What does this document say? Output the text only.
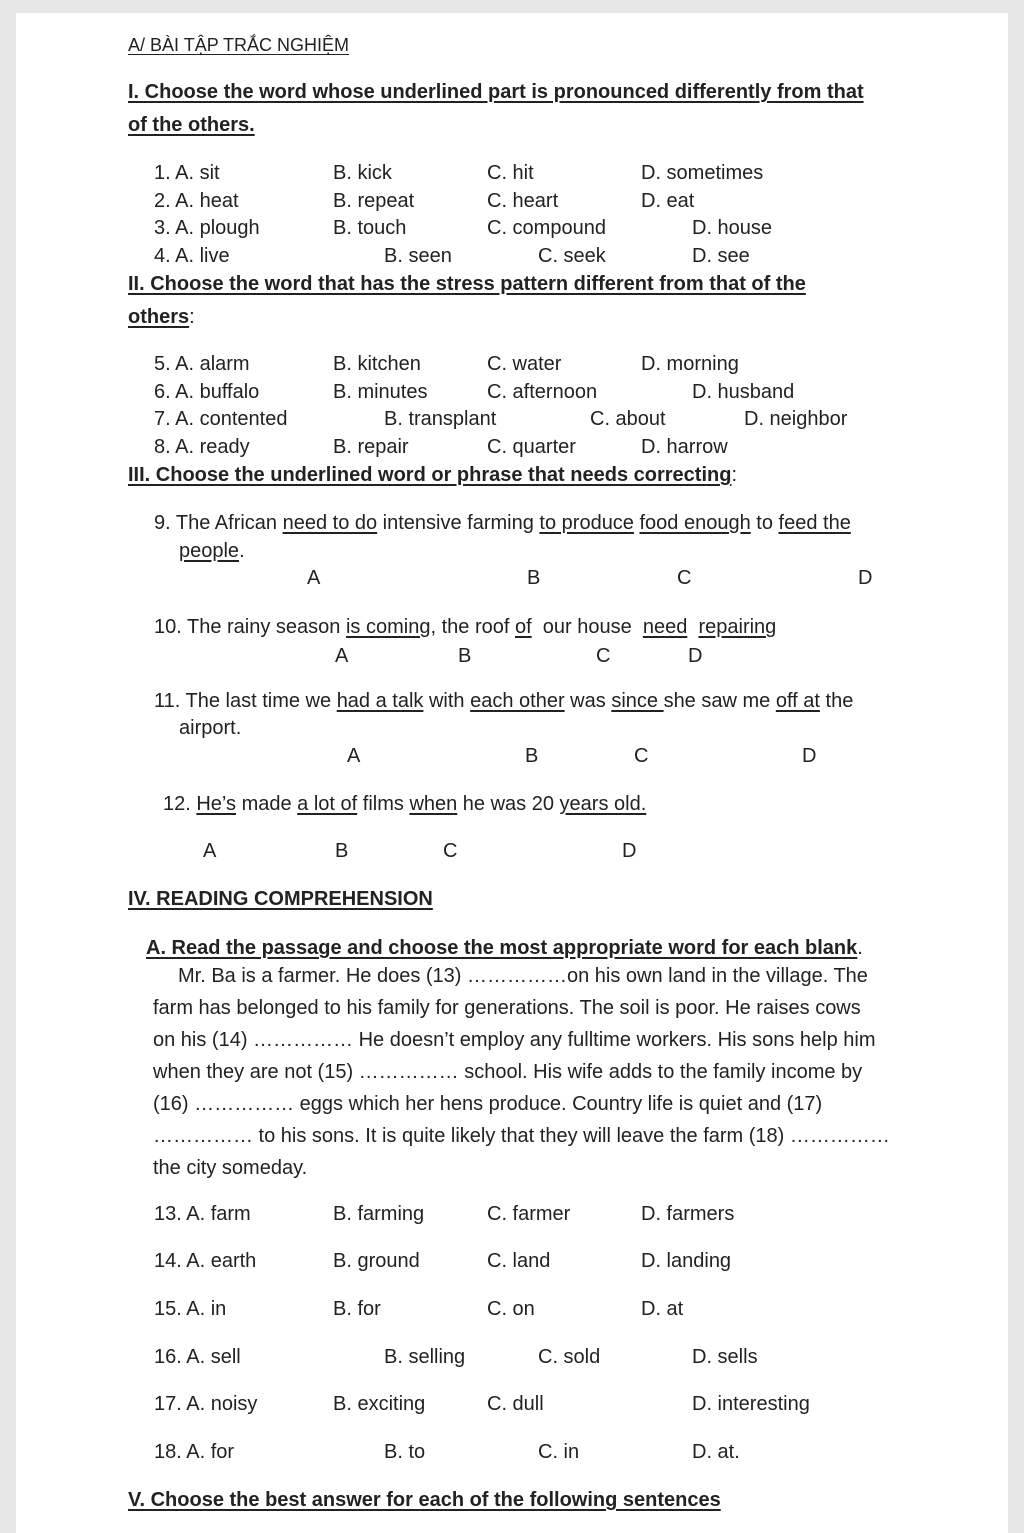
A/ BÀI TẬP TRẮC NGHIỆM
I. Choose the word whose underlined part is pronounced differently from that
of the others.
1. A. sit	B. kick	C. hit	D. sometimes
2. A. heat	B. repeat	C. heart	D. eat
3. A. plough	B. touch	C. compound	D. house
4. A. live	B. seen	C. seek	D. see
II. Choose the word that has the stress pattern different from that of the
others:
5. A. alarm	B. kitchen	C. water	D. morning
6. A. buffalo	B. minutes	C. afternoon	D. husband
7. A. contented	B. transplant	C. about	D. neighbor
8. A. ready	B. repair	C. quarter	D. harrow
III. Choose the underlined word or phrase that needs correcting:
9. The African need to do intensive farming to produce food enough to feed the
people.
A	B	C	D
10. The rainy season is coming, the roof of  our house  need repairing
A	B	C	D
11. The last time we had a talk with each other was since she saw me off at the
airport.
A	B	C	D
12. He’s made a lot of films when he was 20 years old.
A	B	C	D
IV. READING COMPREHENSION
A. Read the passage and choose the most appropriate word for each blank.
Mr. Ba is a farmer. He does (13) ……………on his own land in the village. The
farm has belonged to his family for generations. The soil is poor. He raises cows
on his (14) …………… He doesn’t employ any fulltime workers. His sons help him
when they are not (15) …………… school. His wife adds to the family income by
(16) …………… eggs which her hens produce. Country life is quiet and (17)
…………… to his sons. It is quite likely that they will leave the farm (18) ……………
the city someday.
13. A. farm	B. farming	C. farmer	D. farmers
14. A. earth	B. ground	C. land	D. landing
15. A. in	B. for	C. on	D. at
16. A. sell	B. selling	C. sold	D. sells
17. A. noisy	B. exciting	C. dull	D. interesting
18. A. for	B. to	C. in	D. at.
V. Choose the best answer for each of the following sentences
